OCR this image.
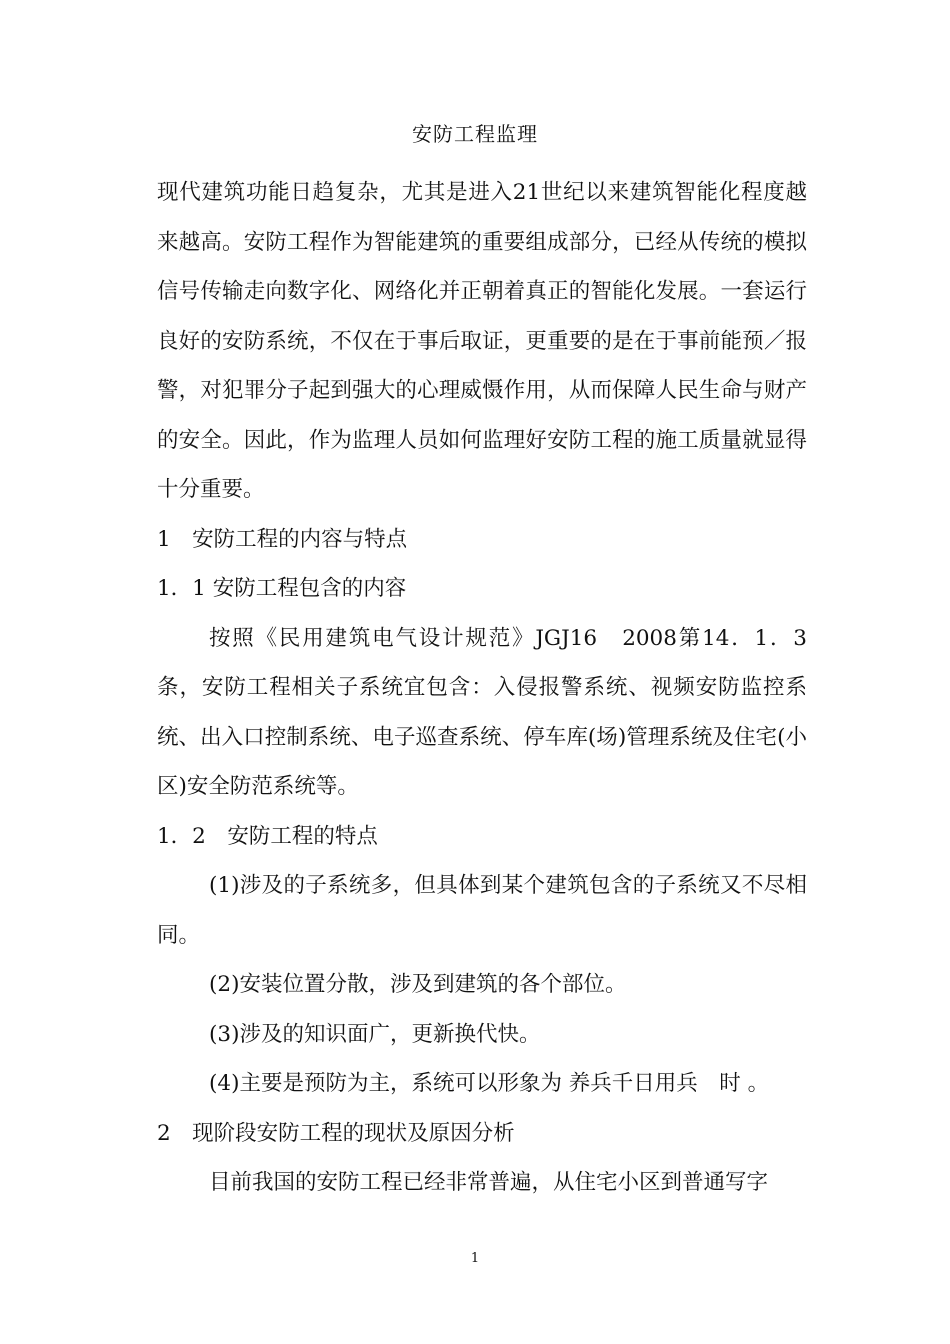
安防工程监理

现代建筑功能日趋复杂，尤其是进入21世纪以来建筑智能化程度越来越高。安防工程作为智能建筑的重要组成部分，已经从传统的模拟信号传输走向数字化、网络化并正朝着真正的智能化发展。一套运行良好的安防系统，不仅在于事后取证，更重要的是在于事前能预／报警，对犯罪分子起到强大的心理威慑作用，从而保障人民生命与财产的安全。因此，作为监理人员如何监理好安防工程的施工质量就显得十分重要。

1　安防工程的内容与特点

1．1 安防工程包含的内容

按照《民用建筑电气设计规范》JGJ16　2008第14．1．3条，安防工程相关子系统宜包含：入侵报警系统、视频安防监控系统、出入口控制系统、电子巡查系统、停车库(场)管理系统及住宅(小区)安全防范系统等。

1．2　安防工程的特点

(1)涉及的子系统多，但具体到某个建筑包含的子系统又不尽相同。

(2)安装位置分散，涉及到建筑的各个部位。

(3)涉及的知识面广，更新换代快。

(4)主要是预防为主，系统可以形象为 养兵千日用兵　时 。

2　现阶段安防工程的现状及原因分析

目前我国的安防工程已经非常普遍，从住宅小区到普通写字

1
